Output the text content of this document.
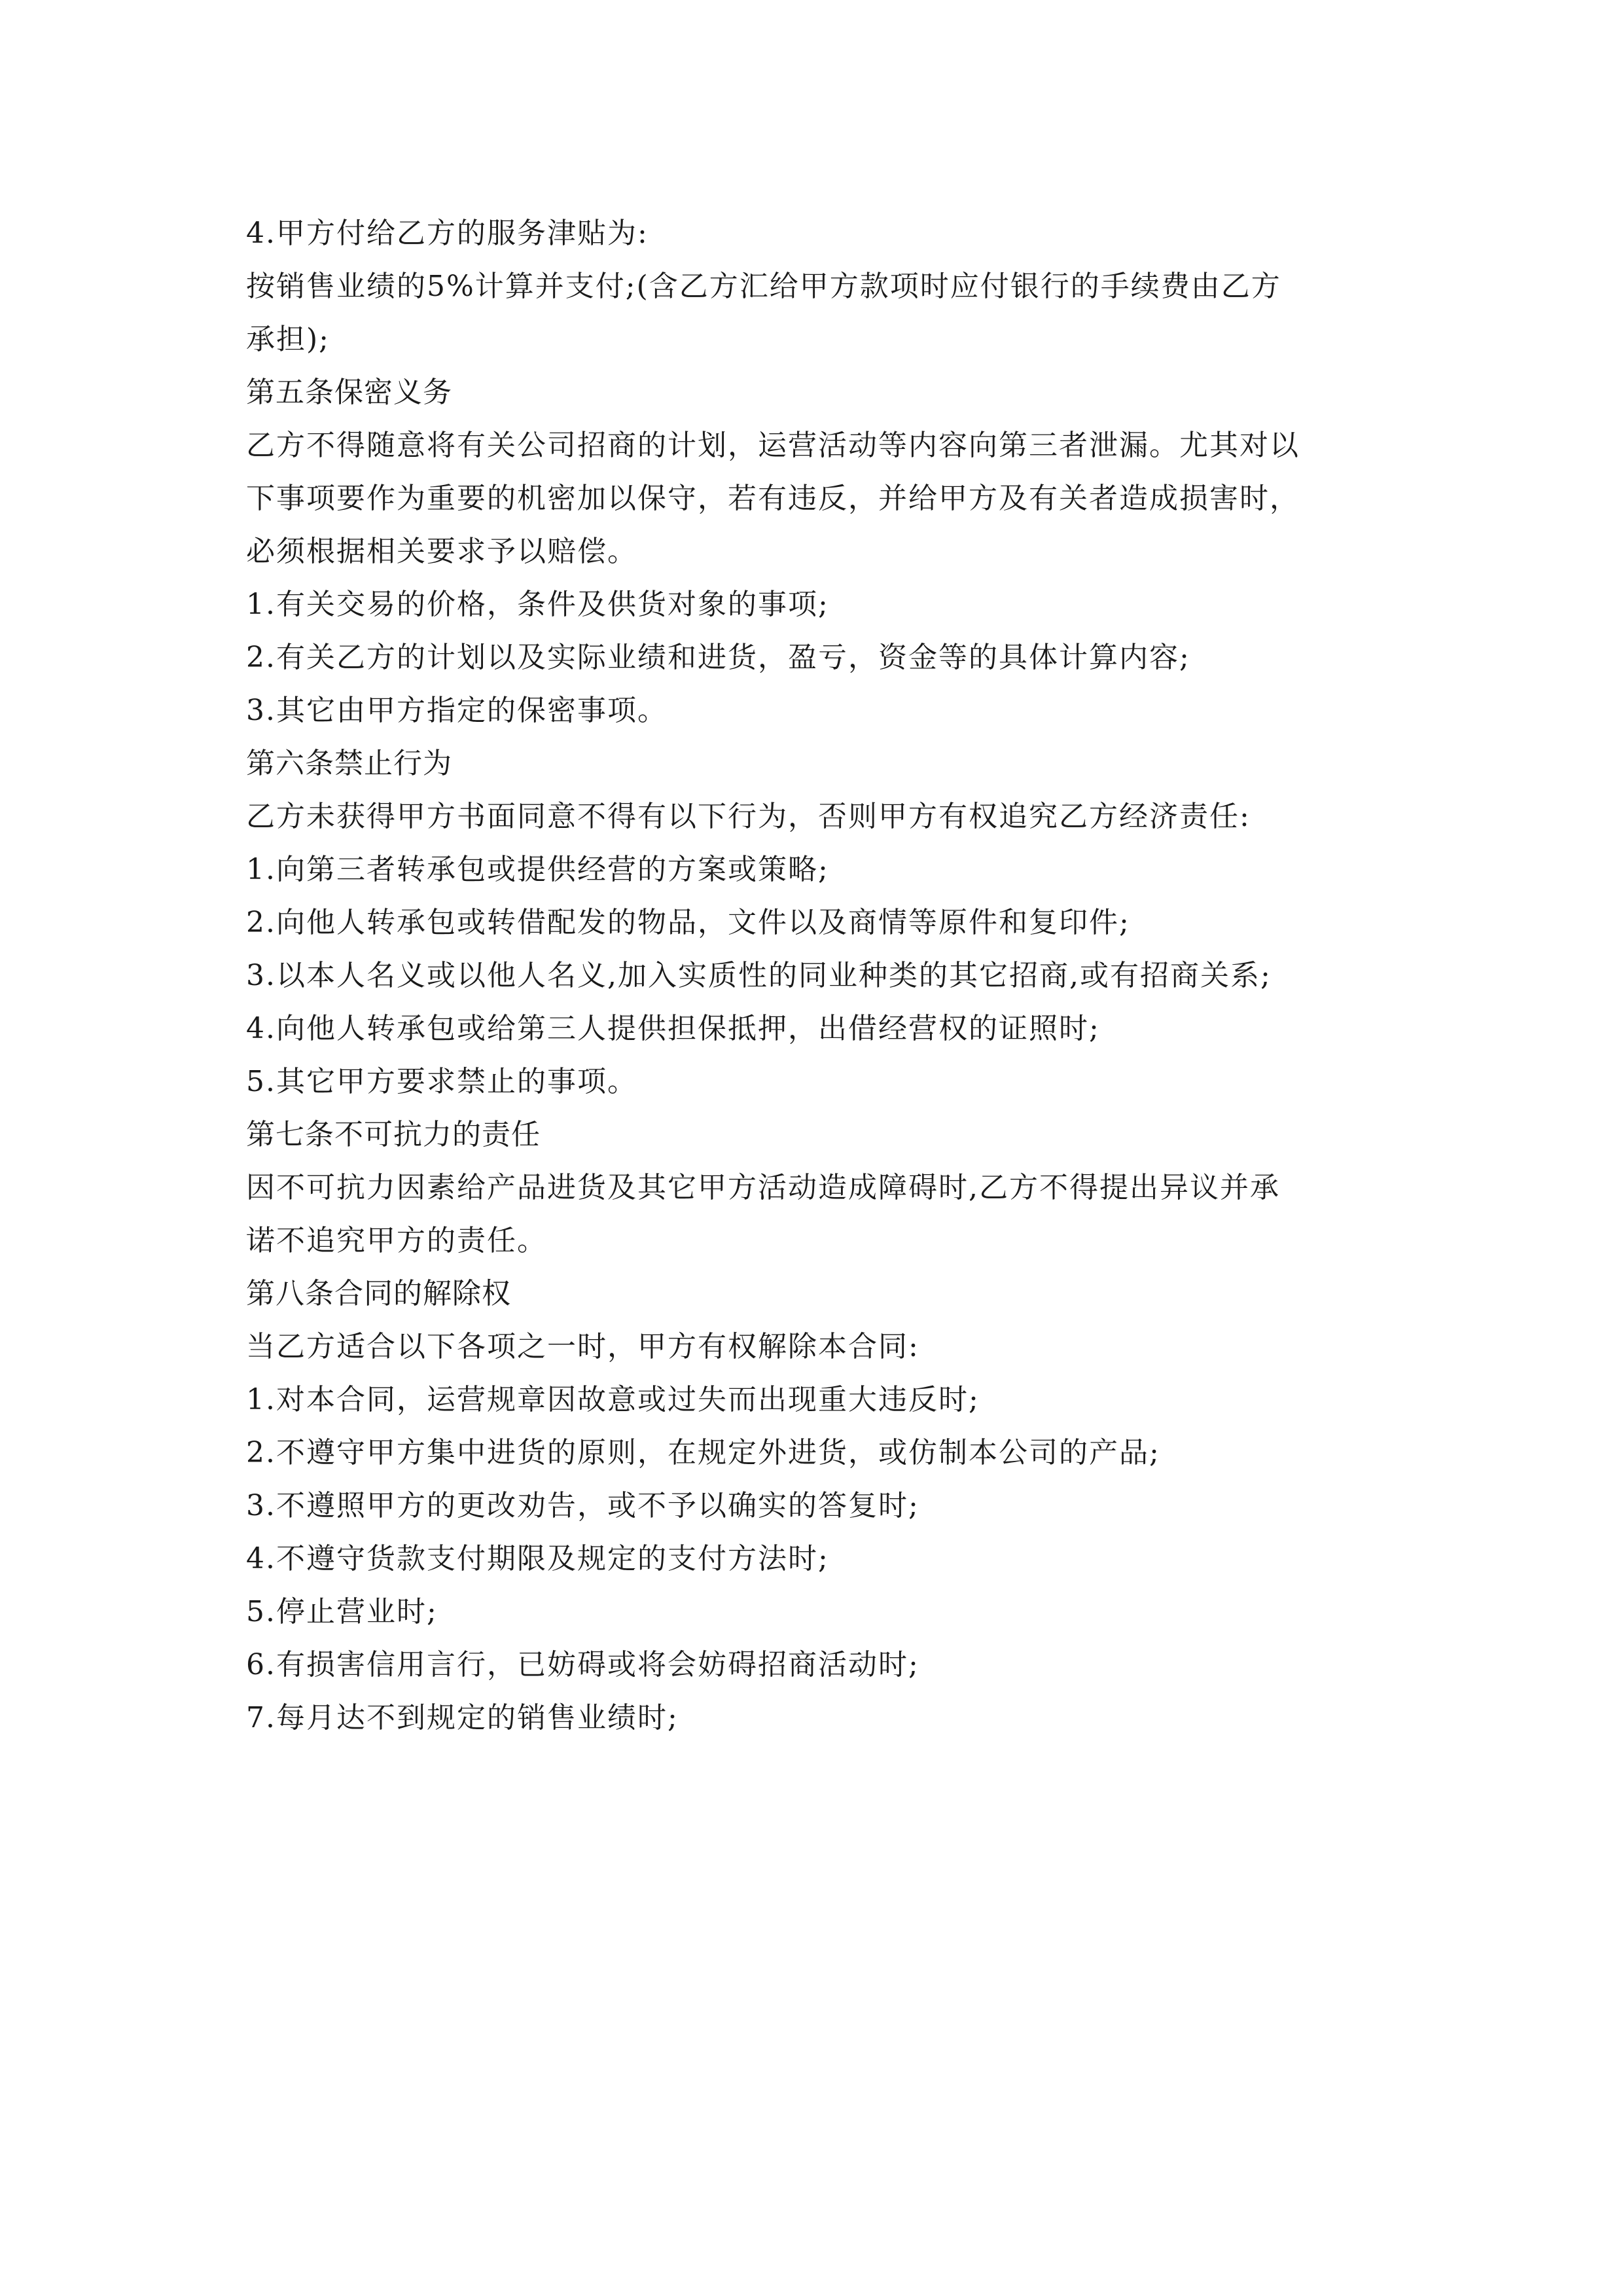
4.甲方付给乙方的服务津贴为:

按销售业绩的5%计算并支付;(含乙方汇给甲方款项时应付银行的手续费由乙方

承担);

第五条保密义务

乙方不得随意将有关公司招商的计划，运营活动等内容向第三者泄漏。尤其对以

下事项要作为重要的机密加以保守，若有违反，并给甲方及有关者造成损害时，

必须根据相关要求予以赔偿。

1.有关交易的价格，条件及供货对象的事项;

2.有关乙方的计划以及实际业绩和进货，盈亏，资金等的具体计算内容;

3.其它由甲方指定的保密事项。

第六条禁止行为

乙方未获得甲方书面同意不得有以下行为，否则甲方有权追究乙方经济责任:

1.向第三者转承包或提供经营的方案或策略;

2.向他人转承包或转借配发的物品，文件以及商情等原件和复印件;

3.以本人名义或以他人名义,加入实质性的同业种类的其它招商,或有招商关系;

4.向他人转承包或给第三人提供担保抵押，出借经营权的证照时;

5.其它甲方要求禁止的事项。

第七条不可抗力的责任

因不可抗力因素给产品进货及其它甲方活动造成障碍时,乙方不得提出异议并承

诺不追究甲方的责任。

第八条合同的解除权

当乙方适合以下各项之一时，甲方有权解除本合同:

1.对本合同，运营规章因故意或过失而出现重大违反时;

2.不遵守甲方集中进货的原则，在规定外进货，或仿制本公司的产品;

3.不遵照甲方的更改劝告，或不予以确实的答复时;

4.不遵守货款支付期限及规定的支付方法时;

5.停止营业时;

6.有损害信用言行，已妨碍或将会妨碍招商活动时;

7.每月达不到规定的销售业绩时;
